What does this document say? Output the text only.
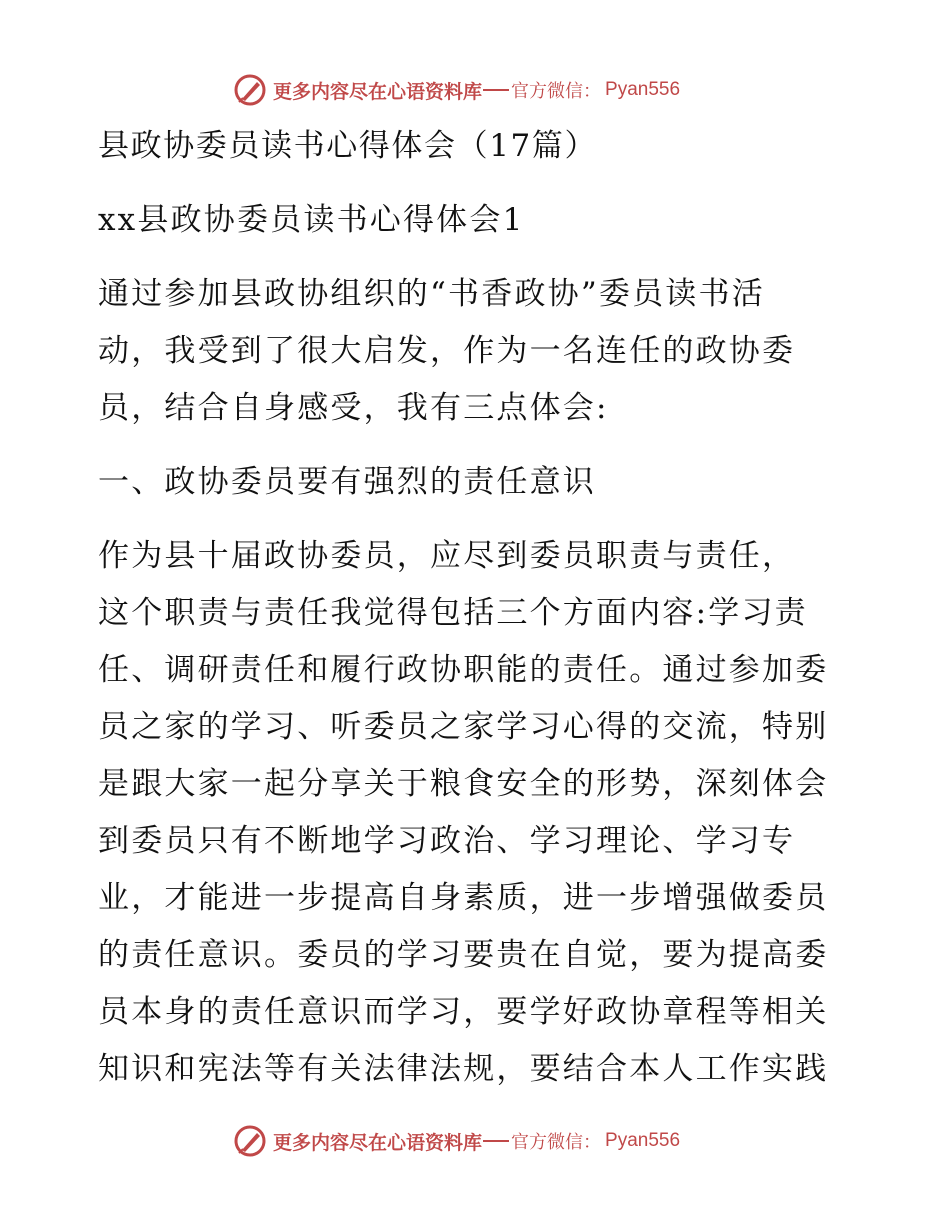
更多内容尽在心语资料库 官方微信： Pyan556
县政协委员读书心得体会（17篇）
xx县政协委员读书心得体会1
通过参加县政协组织的“书香政协”委员读书活
动，我受到了很大启发，作为一名连任的政协委
员，结合自身感受，我有三点体会:
一、政协委员要有强烈的责任意识
作为县十届政协委员，应尽到委员职责与责任，
这个职责与责任我觉得包括三个方面内容:学习责
任、调研责任和履行政协职能的责任。通过参加委
员之家的学习、听委员之家学习心得的交流，特别
是跟大家一起分享关于粮食安全的形势，深刻体会
到委员只有不断地学习政治、学习理论、学习专
业，才能进一步提高自身素质，进一步增强做委员
的责任意识。委员的学习要贵在自觉，要为提高委
员本身的责任意识而学习，要学好政协章程等相关
知识和宪法等有关法律法规，要结合本人工作实践
更多内容尽在心语资料库 官方微信： Pyan556
